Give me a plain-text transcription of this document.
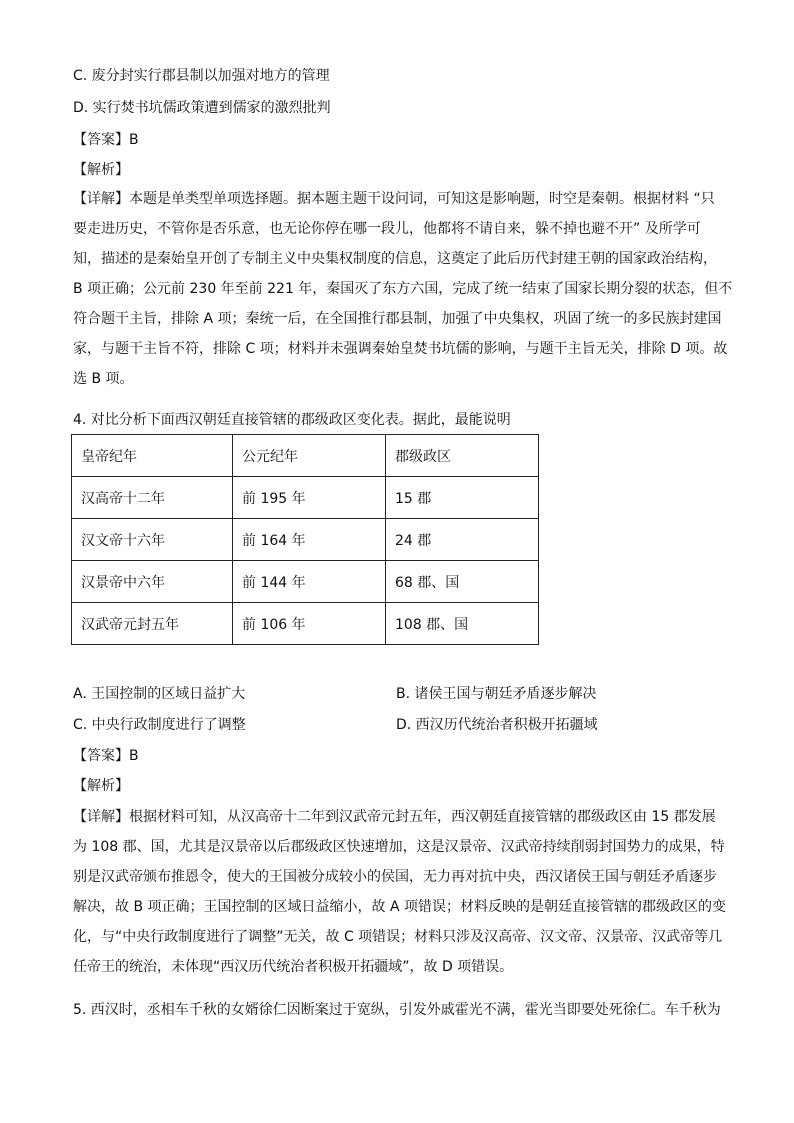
C. 废分封实行郡县制以加强对地方的管理
D. 实行焚书坑儒政策遭到儒家的激烈批判
【答案】B
【解析】
【详解】本题是单类型单项选择题。据本题主题干设问词，可知这是影响题，时空是秦朝。根据材料 “只
要走进历史，不管你是否乐意，也无论你停在哪一段儿，他都将不请自来，躲不掉也避不开” 及所学可
知，描述的是秦始皇开创了专制主义中央集权制度的信息，这奠定了此后历代封建王朝的国家政治结构，
B 项正确；公元前 230 年至前 221 年，秦国灭了东方六国，完成了统一结束了国家长期分裂的状态，但不
符合题干主旨，排除 A 项；秦统一后，在全国推行郡县制，加强了中央集权，巩固了统一的多民族封建国
家，与题干主旨不符，排除 C 项；材料并未强调秦始皇焚书坑儒的影响，与题干主旨无关，排除 D 项。故
选 B 项。
4. 对比分析下面西汉朝廷直接管辖的郡级政区变化表。据此，最能说明
皇帝纪年	公元纪年	郡级政区
汉高帝十二年	前 195 年	15 郡
汉文帝十六年	前 164 年	24 郡
汉景帝中六年	前 144 年	68 郡、国
汉武帝元封五年	前 106 年	108 郡、国
A. 王国控制的区域日益扩大	B. 诸侯王国与朝廷矛盾逐步解决
C. 中央行政制度进行了调整	D. 西汉历代统治者积极开拓疆域
【答案】B
【解析】
【详解】根据材料可知，从汉高帝十二年到汉武帝元封五年，西汉朝廷直接管辖的郡级政区由 15 郡发展
为 108 郡、国，尤其是汉景帝以后郡级政区快速增加，这是汉景帝、汉武帝持续削弱封国势力的成果，特
别是汉武帝颁布推恩令，使大的王国被分成较小的侯国，无力再对抗中央，西汉诸侯王国与朝廷矛盾逐步
解决，故 B 项正确；王国控制的区域日益缩小，故 A 项错误；材料反映的是朝廷直接管辖的郡级政区的变
化，与“中央行政制度进行了调整”无关，故 C 项错误；材料只涉及汉高帝、汉文帝、汉景帝、汉武帝等几
任帝王的统治，未体现“西汉历代统治者积极开拓疆域”，故 D 项错误。
5. 西汉时，丞相车千秋的女婿徐仁因断案过于宽纵，引发外戚霍光不满，霍光当即要处死徐仁。车千秋为
